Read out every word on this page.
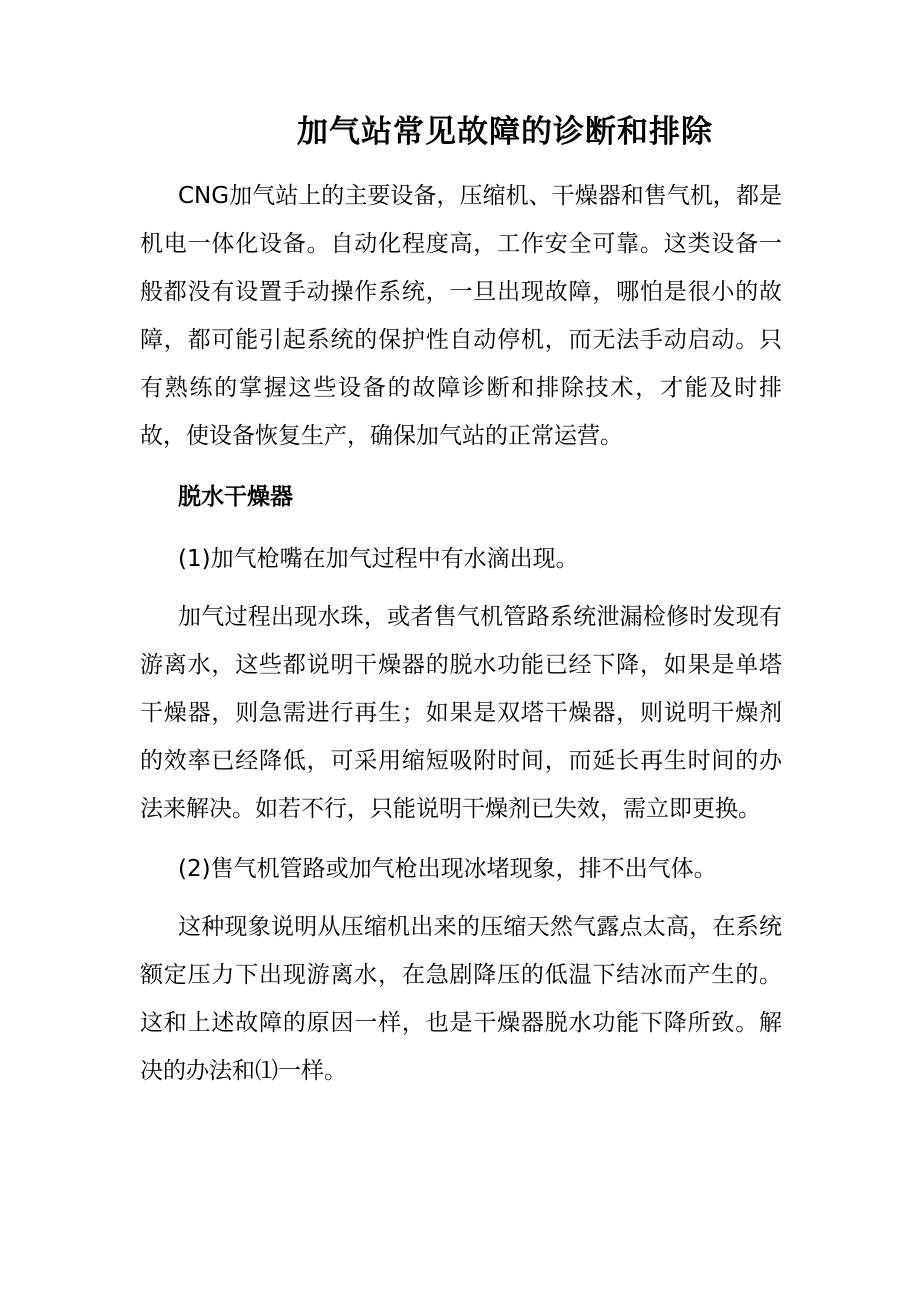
加气站常见故障的诊断和排除

CNG加气站上的主要设备，压缩机、干燥器和售气机，都是机电一体化设备。自动化程度高，工作安全可靠。这类设备一般都没有设置手动操作系统，一旦出现故障，哪怕是很小的故障，都可能引起系统的保护性自动停机，而无法手动启动。只有熟练的掌握这些设备的故障诊断和排除技术，才能及时排故，使设备恢复生产，确保加气站的正常运营。

脱水干燥器

(1)加气枪嘴在加气过程中有水滴出现。

加气过程出现水珠，或者售气机管路系统泄漏检修时发现有游离水，这些都说明干燥器的脱水功能已经下降，如果是单塔干燥器，则急需进行再生；如果是双塔干燥器，则说明干燥剂的效率已经降低，可采用缩短吸附时间，而延长再生时间的办法来解决。如若不行，只能说明干燥剂已失效，需立即更换。

(2)售气机管路或加气枪出现冰堵现象，排不出气体。

这种现象说明从压缩机出来的压缩天然气露点太高，在系统额定压力下出现游离水，在急剧降压的低温下结冰而产生的。这和上述故障的原因一样，也是干燥器脱水功能下降所致。解决的办法和⑴一样。
